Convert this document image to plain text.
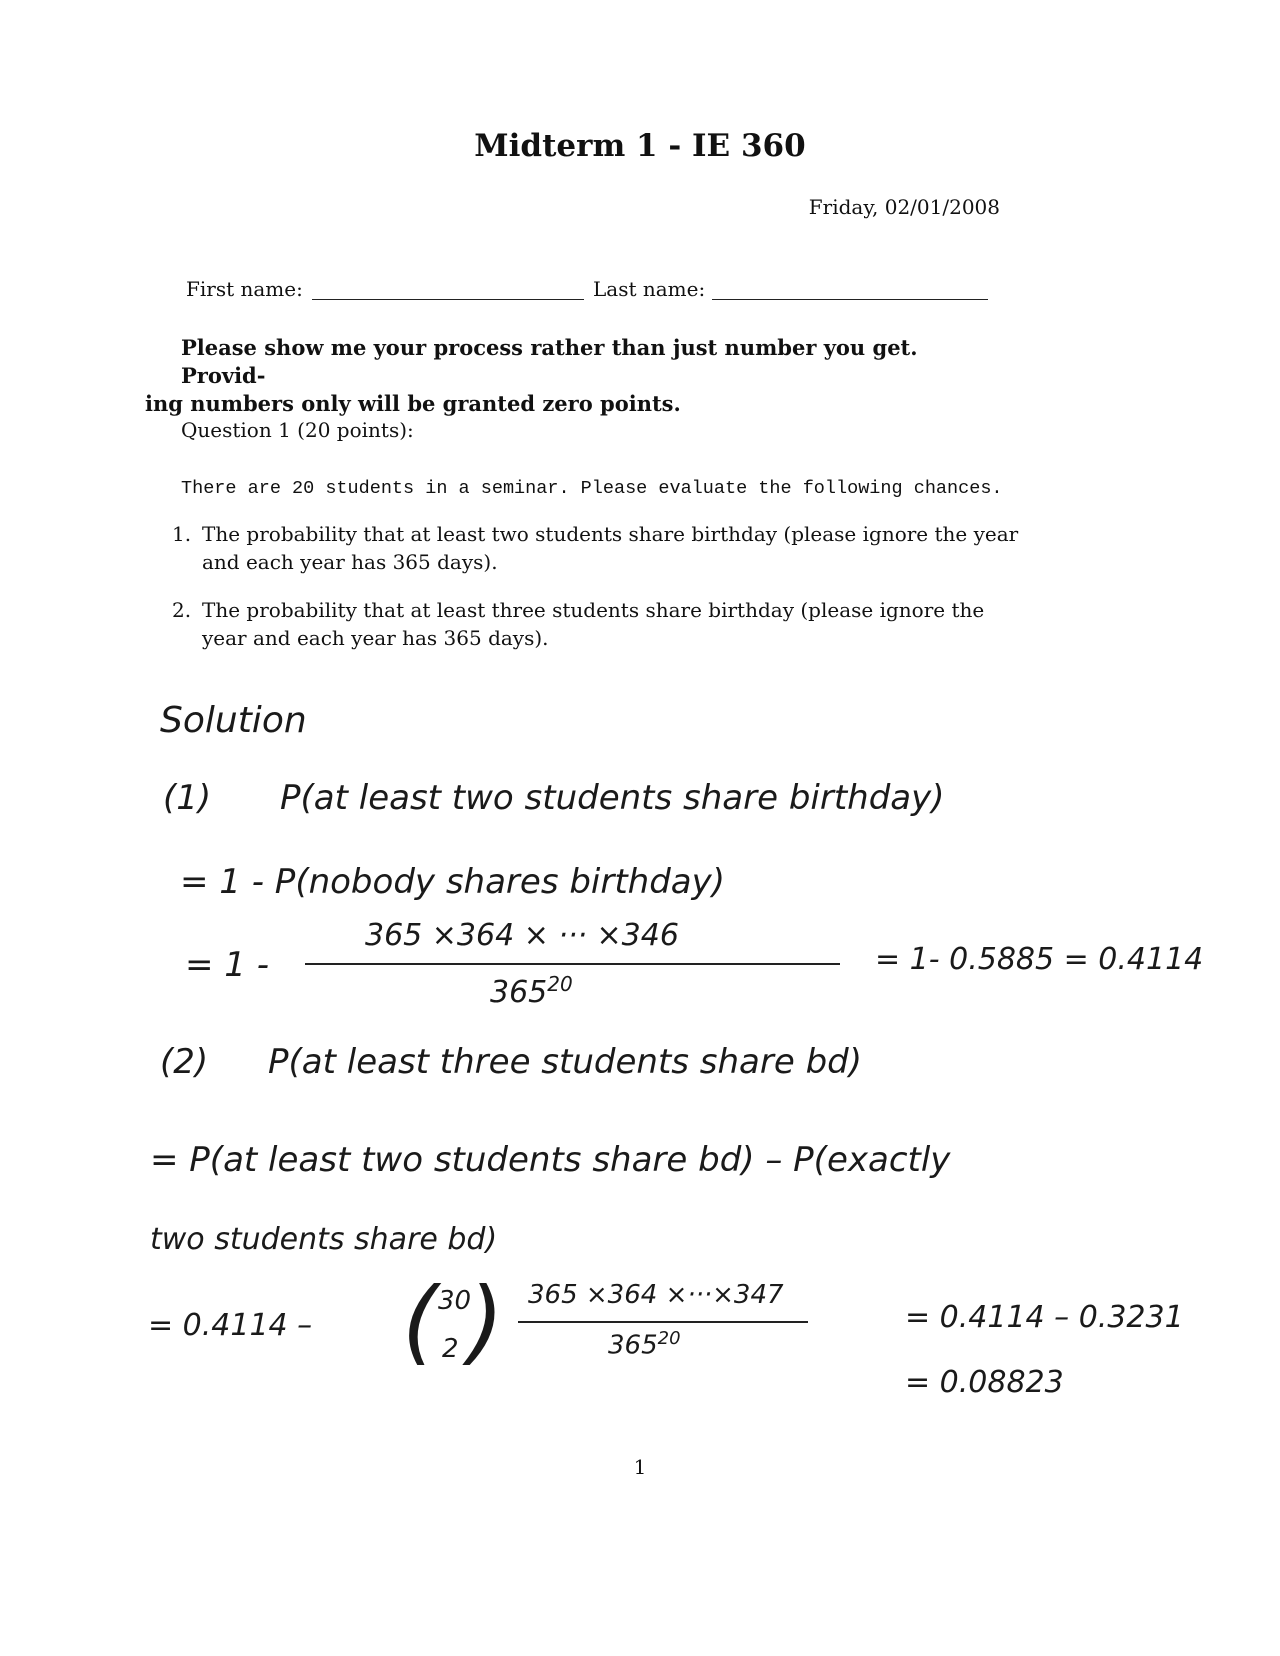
Midterm 1 - IE 360
Friday, 02/01/2008
First name:	Last name:
Please show me your process rather than just number you get. Provid-
ing numbers only will be granted zero points.
Question 1 (20 points):
There are 20 students in a seminar. Please evaluate the following chances.
1. The probability that at least two students share birthday (please ignore the year and each year has 365 days).
2. The probability that at least three students share birthday (please ignore the year and each year has 365 days).
Solution
(1) P(at least two students share birthday)
= 1 - P(nobody shares birthday)
= 1 -
365 ×364 × ··· ×346
$365^{20}$
= 1- 0.5885 = 0.4114
(2) P(at least three students share bd)
= P(at least two students share bd) – P(exactly
two students share bd)
= 0.4114 – ( 30
2 ) 365 ×364 ×···×347
$365^{20}$
= 0.4114 – 0.3231
= 0.08823
1
